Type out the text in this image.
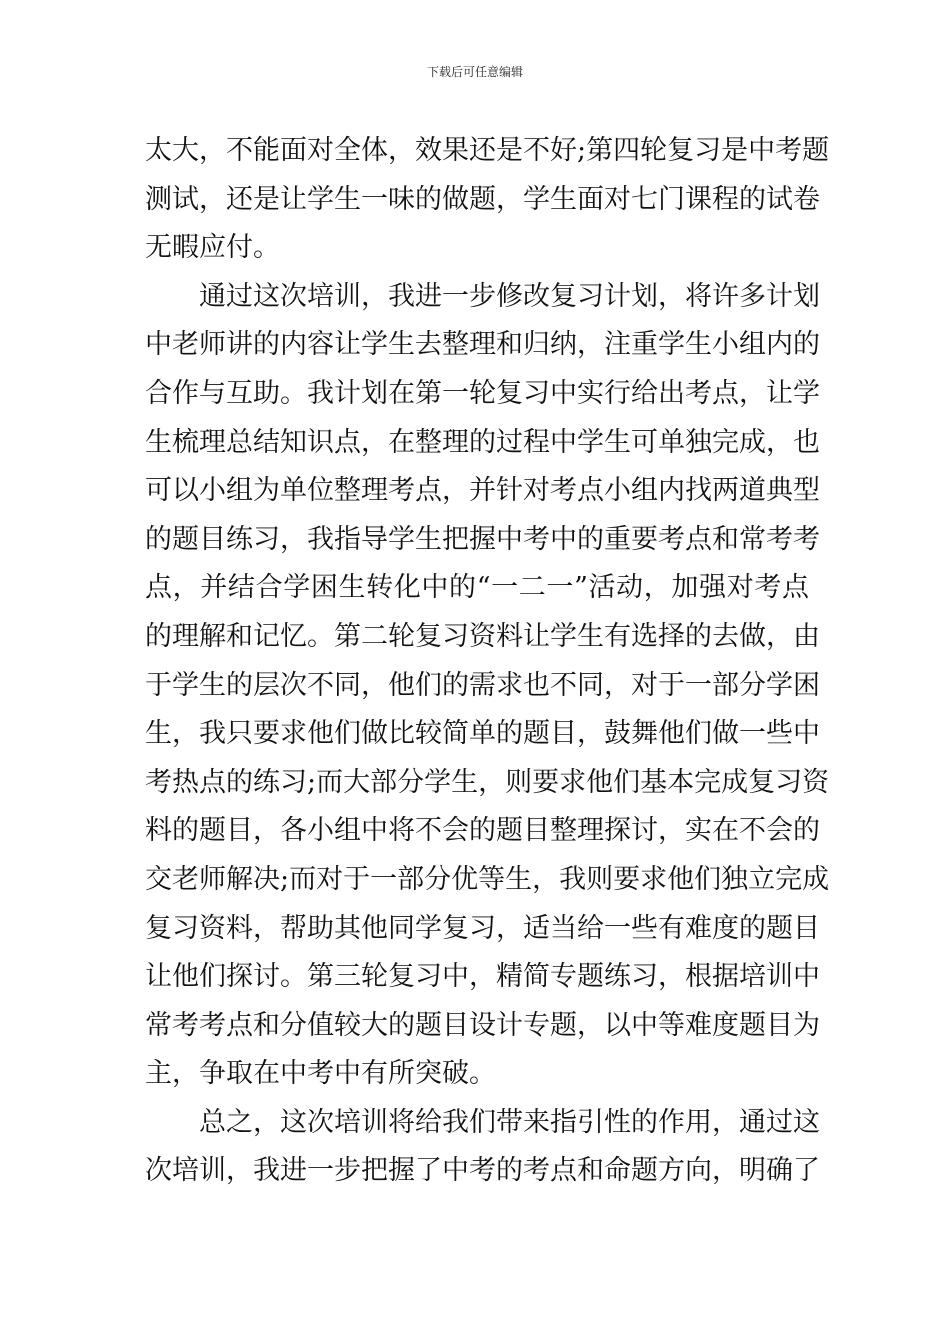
下载后可任意编辑
太大，不能面对全体，效果还是不好;第四轮复习是中考题
测试，还是让学生一味的做题，学生面对七门课程的试卷
无暇应付。
通过这次培训，我进一步修改复习计划，将许多计划
中老师讲的内容让学生去整理和归纳，注重学生小组内的
合作与互助。我计划在第一轮复习中实行给出考点，让学
生梳理总结知识点，在整理的过程中学生可单独完成，也
可以小组为单位整理考点，并针对考点小组内找两道典型
的题目练习，我指导学生把握中考中的重要考点和常考考
点，并结合学困生转化中的“一二一”活动，加强对考点
的理解和记忆。第二轮复习资料让学生有选择的去做，由
于学生的层次不同，他们的需求也不同，对于一部分学困
生，我只要求他们做比较简单的题目，鼓舞他们做一些中
考热点的练习;而大部分学生，则要求他们基本完成复习资
料的题目，各小组中将不会的题目整理探讨，实在不会的
交老师解决;而对于一部分优等生，我则要求他们独立完成
复习资料，帮助其他同学复习，适当给一些有难度的题目
让他们探讨。第三轮复习中，精简专题练习，根据培训中
常考考点和分值较大的题目设计专题，以中等难度题目为
主，争取在中考中有所突破。
总之，这次培训将给我们带来指引性的作用，通过这
次培训，我进一步把握了中考的考点和命题方向，明确了
